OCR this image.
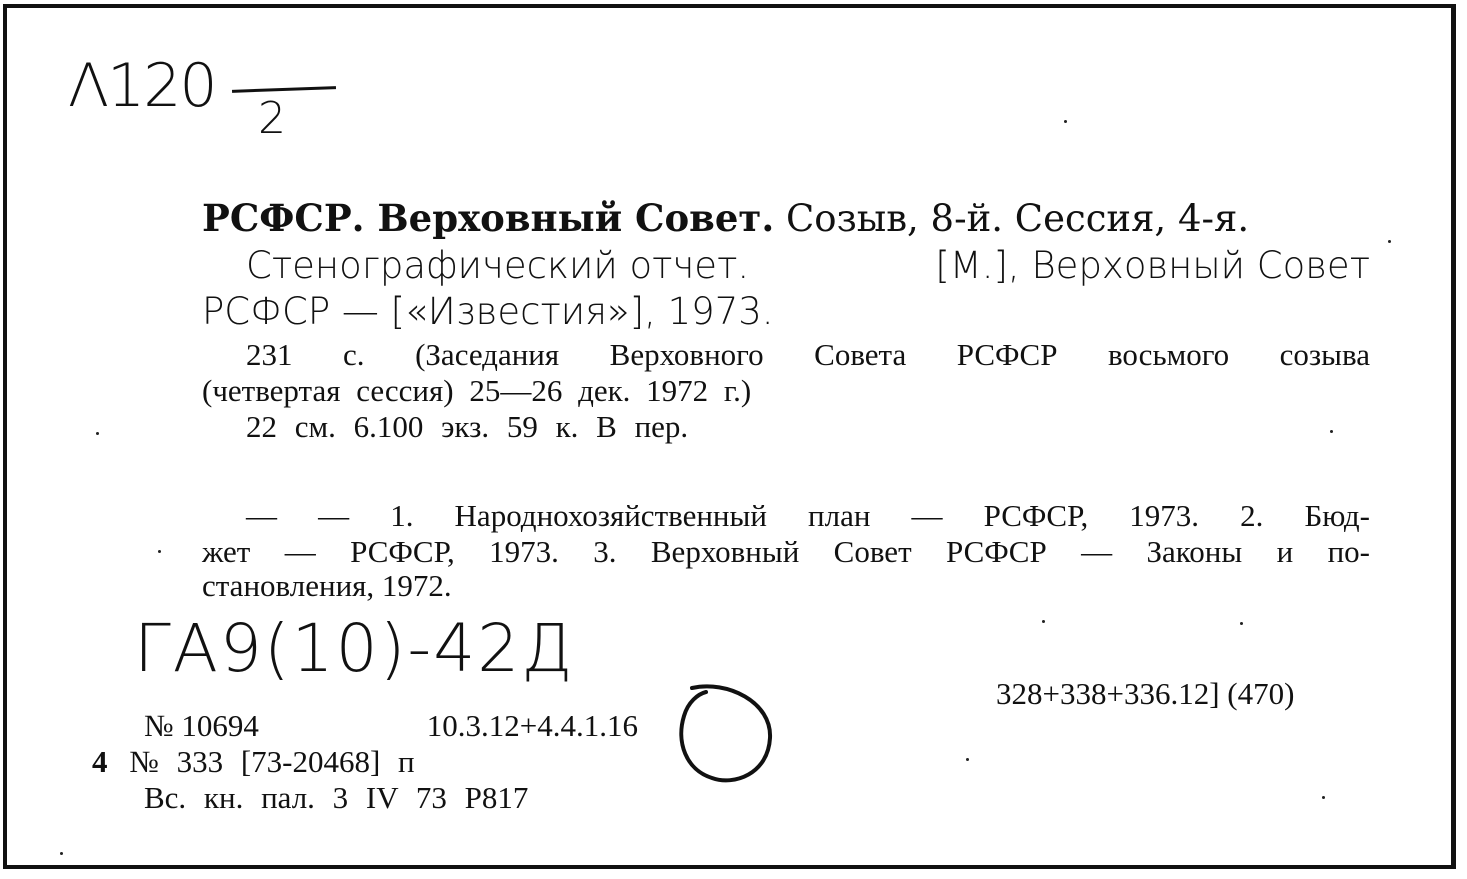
Λ120 2
РСФСР. Верховный Совет. Созыв, 8-й. Сессия, 4-я.
Стенографический отчет.	[М.], Верховный Совет
РСФСР — [«Известия»], 1973.
231 с. (Заседания Верховного Совета РСФСР восьмого созыва
(четвертая сессия) 25—26 дек. 1972 г.)
22 см. 6.100 экз. 59 к. В пер.
— — 1. Народнохозяйственный план — РСФСР, 1973. 2. Бюд-
жет — РСФСР, 1973. 3. Верховный Совет РСФСР — Законы и по-
становления, 1972.
ΓА9(10)-42Д
328+338+336.12] (470)
№ 10694	10.3.12+4.4.1.16
4 № 333 [73-20468] п
Вс. кн. пал. 3 IV 73 Р817
